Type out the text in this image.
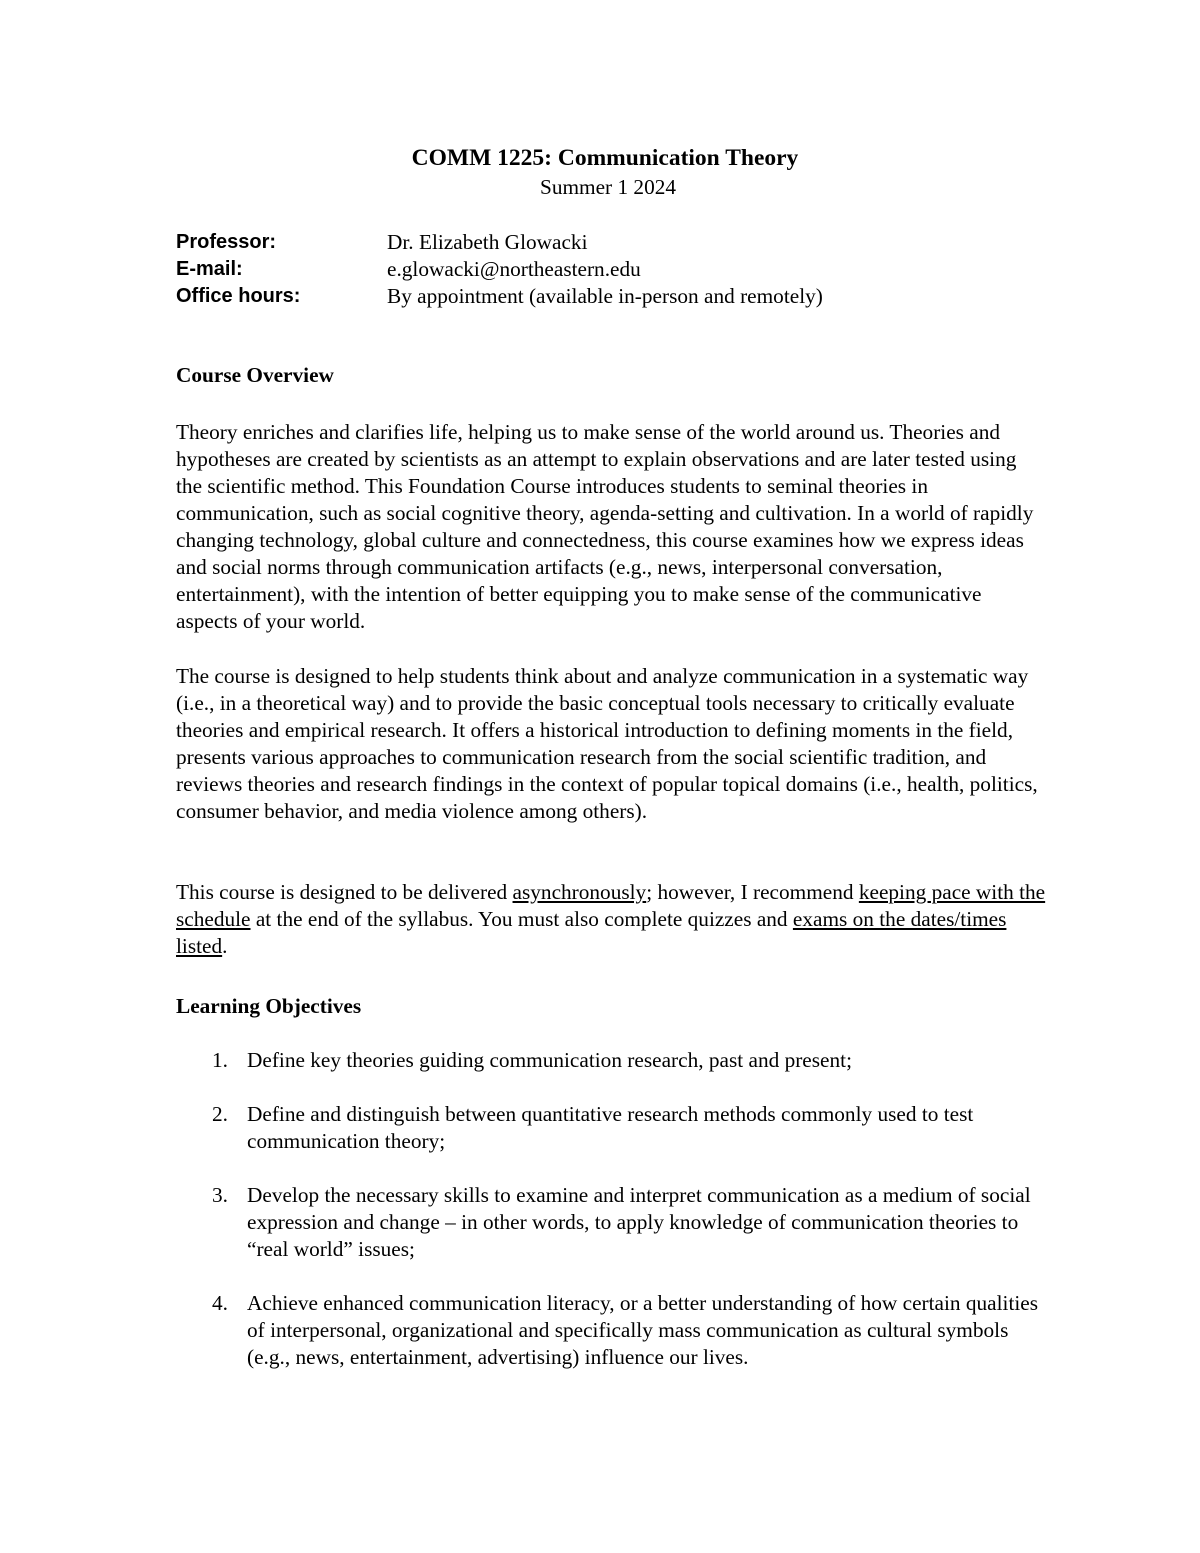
COMM 1225: Communication Theory
Summer 1 2024
Professor:	Dr. Elizabeth Glowacki
E-mail:	e.glowacki@northeastern.edu
Office hours:	By appointment (available in-person and remotely)
Course Overview

Theory enriches and clarifies life, helping us to make sense of the world around us. Theories and hypotheses are created by scientists as an attempt to explain observations and are later tested using the scientific method. This Foundation Course introduces students to seminal theories in communication, such as social cognitive theory, agenda-setting and cultivation. In a world of rapidly changing technology, global culture and connectedness, this course examines how we express ideas and social norms through communication artifacts (e.g., news, interpersonal conversation, entertainment), with the intention of better equipping you to make sense of the communicative aspects of your world.

The course is designed to help students think about and analyze communication in a systematic way (i.e., in a theoretical way) and to provide the basic conceptual tools necessary to critically evaluate theories and empirical research. It offers a historical introduction to defining moments in the field, presents various approaches to communication research from the social scientific tradition, and reviews theories and research findings in the context of popular topical domains (i.e., health, politics, consumer behavior, and media violence among others).

This course is designed to be delivered asynchronously; however, I recommend keeping pace with the schedule at the end of the syllabus. You must also complete quizzes and exams on the dates/times listed.

Learning Objectives
1. Define key theories guiding communication research, past and present;
2. Define and distinguish between quantitative research methods commonly used to test communication theory;
3. Develop the necessary skills to examine and interpret communication as a medium of social expression and change – in other words, to apply knowledge of communication theories to “real world” issues;
4. Achieve enhanced communication literacy, or a better understanding of how certain qualities of interpersonal, organizational and specifically mass communication as cultural symbols (e.g., news, entertainment, advertising) influence our lives.
